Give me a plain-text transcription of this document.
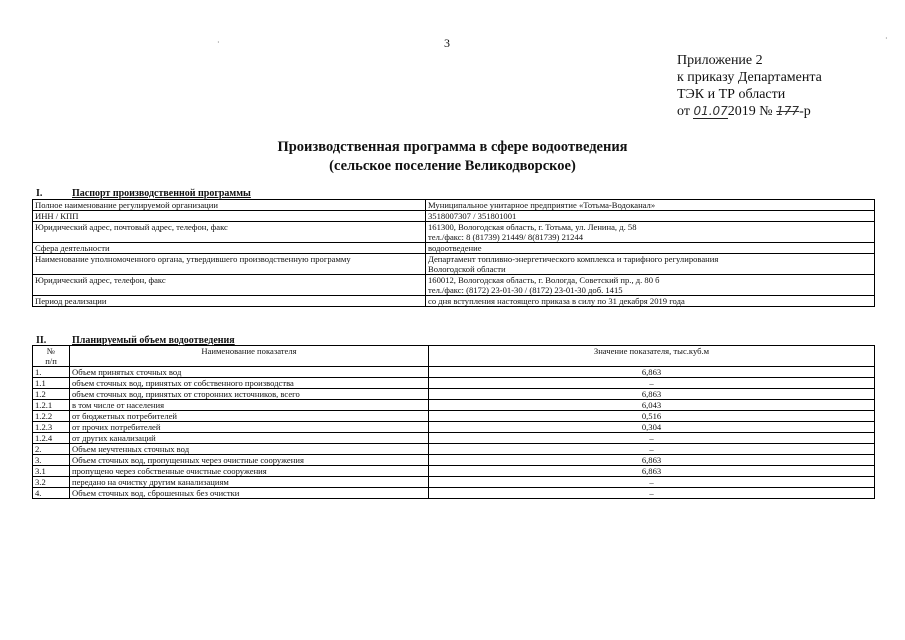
3
Приложение 2
к приказу Департамента
ТЭК и ТР области
от 01.072019 № 177-р
Производственная программа в сфере водоотведения
(сельское поселение Великодворское)
I.	Паспорт производственной программы
Полное наименование регулируемой организации	Муниципальное унитарное предприятие «Тотьма-Водоканал»

ИНН / КПП	3518007307 / 351801001

Юридический адрес, почтовый адрес, телефон, факс	161300, Вологодская область, г. Тотьма, ул. Ленина, д. 58
тел./факс: 8 (81739) 21449/ 8(81739) 21244

Сфера деятельности	водоотведение

Наименование уполномоченного органа, утвердившего производственную программу	Департамент топливно-энергетического комплекса и тарифного регулирования
Вологодской области

Юридический адрес, телефон, факс	160012, Вологодская область, г. Вологда, Советский пр., д. 80 б
тел./факс: (8172) 23-01-30 / (8172) 23-01-30 доб. 1415

Период реализации	со дня вступления настоящего приказа в силу по 31 декабря 2019 года
II.	Планируемый объем водоотведения
№
п/п	Наименование показателя	Значение показателя, тыс.куб.м
1.	Объем принятых сточных вод	6,863
1.1	объем сточных вод, принятых от собственного производства	–
1.2	объем сточных вод, принятых от сторонних источников, всего	6,863
1.2.1	в том числе от населения	6,043
1.2.2	от бюджетных потребителей	0,516
1.2.3	от прочих потребителей	0,304
1.2.4	от других канализаций	–
2.	Объем неучтенных сточных вод	–
3.	Объем сточных вод, пропущенных через очистные сооружения	6,863
3.1	пропущено через собственные очистные сооружения	6,863
3.2	передано на очистку другим канализациям	–
4.	Объем сточных вод, сброшенных без очистки	–
·	·
